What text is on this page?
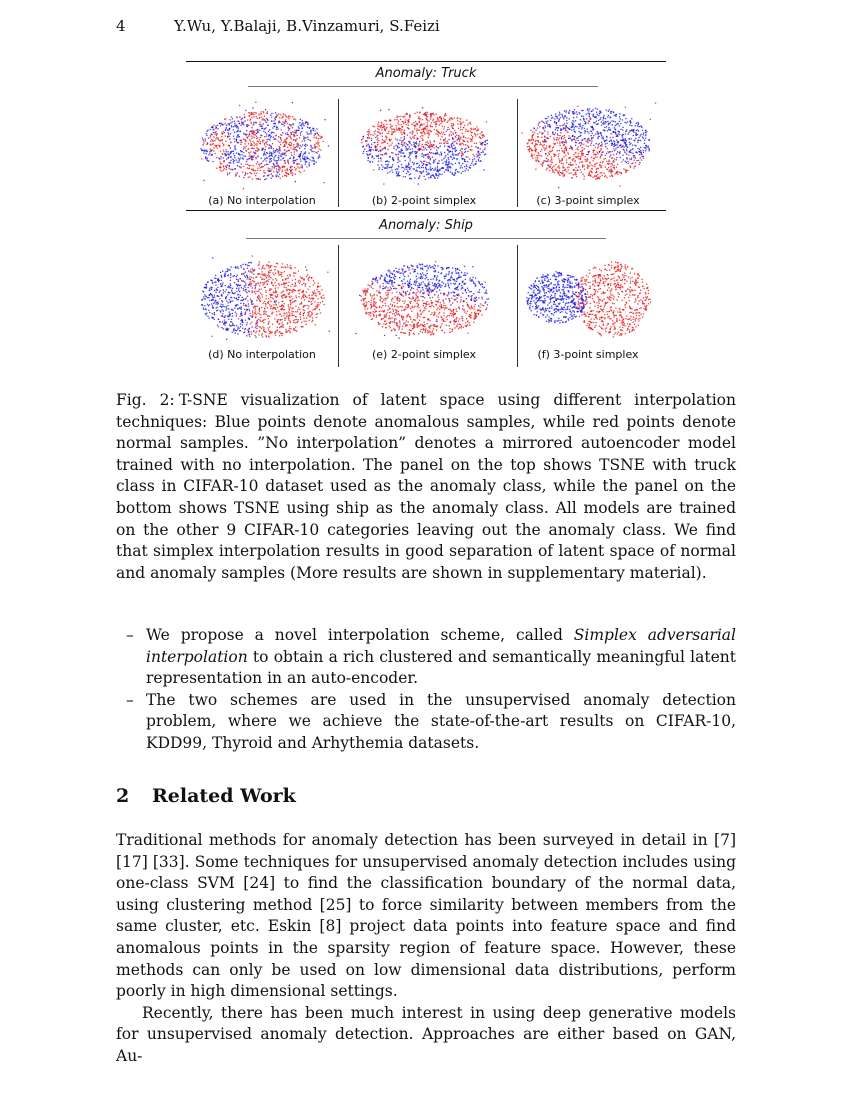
4	Y.Wu, Y.Balaji, B.Vinzamuri, S.Feizi
Anomaly: Truck
(a) No interpolation	(b) 2-point simplex	(c) 3-point simplex
Anomaly: Ship
(d) No interpolation	(e) 2-point simplex	(f) 3-point simplex
Fig. 2: T-SNE visualization of latent space using different interpolation techniques: Blue points denote anomalous samples, while red points denote normal samples. ”No interpolation” denotes a mirrored autoencoder model trained with no interpolation. The panel on the top shows TSNE with truck class in CIFAR-10 dataset used as the anomaly class, while the panel on the bottom shows TSNE using ship as the anomaly class. All models are trained on the other 9 CIFAR-10 categories leaving out the anomaly class. We find that simplex interpolation results in good separation of latent space of normal and anomaly samples (More results are shown in supplementary material).
– We propose a novel interpolation scheme, called Simplex adversarial interpolation to obtain a rich clustered and semantically meaningful latent representation in an auto-encoder.
– The two schemes are used in the unsupervised anomaly detection problem, where we achieve the state-of-the-art results on CIFAR-10, KDD99, Thyroid and Arhythemia datasets.
2 Related Work

Traditional methods for anomaly detection has been surveyed in detail in [7] [17] [33]. Some techniques for unsupervised anomaly detection includes using one-class SVM [24] to find the classification boundary of the normal data, using clustering method [25] to force similarity between members from the same cluster, etc. Eskin [8] project data points into feature space and find anomalous points in the sparsity region of feature space. However, these methods can only be used on low dimensional data distributions, perform poorly in high dimensional settings.

Recently, there has been much interest in using deep generative models for unsupervised anomaly detection. Approaches are either based on GAN, Au-
